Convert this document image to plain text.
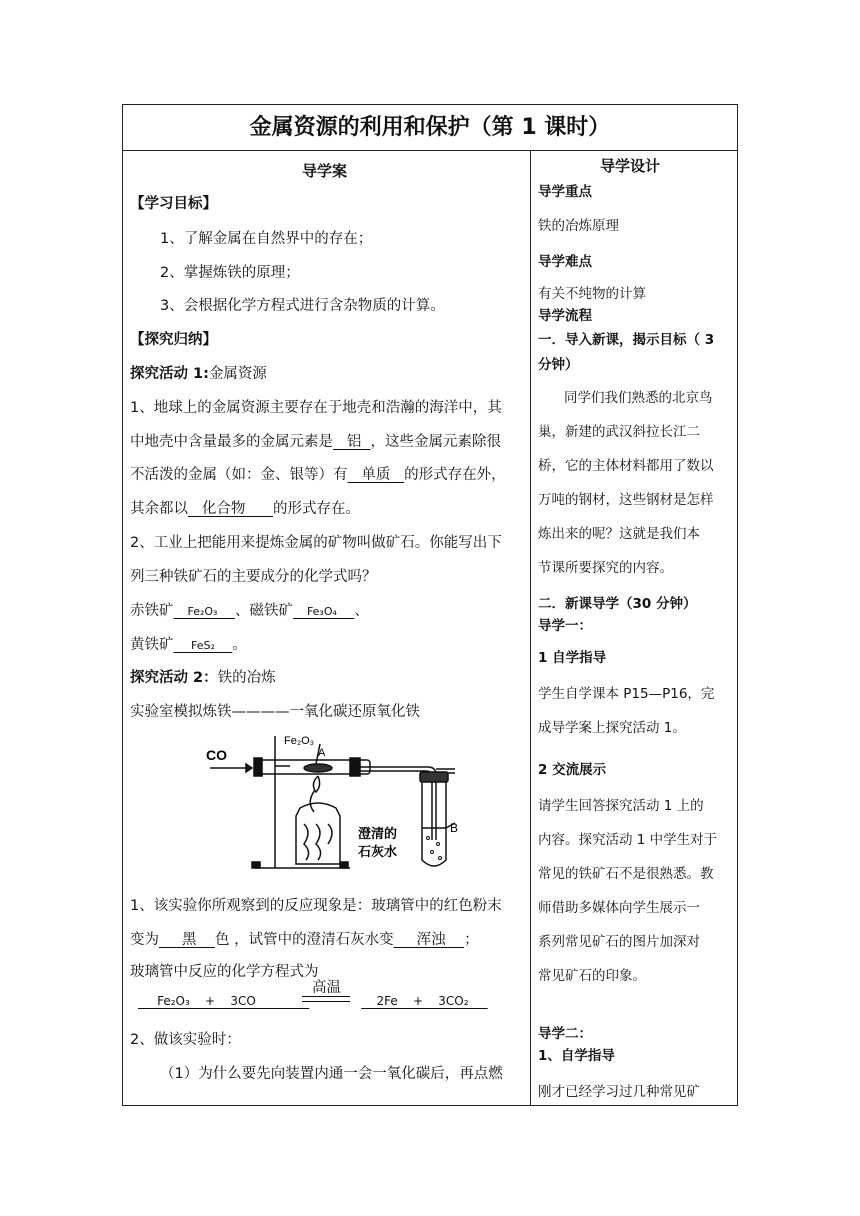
金属资源的利用和保护（第 1 课时）
导学案
【学习目标】
1、了解金属在自然界中的存在；
2、掌握炼铁的原理；
3、会根据化学方程式进行含杂物质的计算。
【探究归纳】
探究活动 1:金属资源
1、地球上的金属资源主要存在于地壳和浩瀚的海洋中，其
中地壳中含量最多的金属元素是   铝  ，这些金属元素除很
不活泼的金属（如：金、银等）有   单质   的形式存在外，
其余都以   化合物      的形式存在。
2、工业上把能用来提炼金属的矿物叫做矿石。你能写出下
列三种铁矿石的主要成分的化学式吗？
赤铁矿    Fe₂O₃     、磁铁矿    Fe₃O₄     、
黄铁矿     FeS₂     。
探究活动 2：铁的冶炼
实验室模拟炼铁————一氧化碳还原氧化铁
CO
Fe₂O₃
A
B
澄清的
石灰水
1、该实验你所观察到的反应现象是：玻璃管中的红色粉末
变为     黑    色 ，试管中的澄清石灰水变     浑浊    ；
玻璃管中反应的化学方程式为
高温
Fe₂O₃    +    3CO	2Fe    +    3CO₂
2、做该实验时：
（1）为什么要先向装置内通一会一氧化碳后，再点燃
导学设计
导学重点
铁的冶炼原理
导学难点
有关不纯物的计算
导学流程
一．导入新课，揭示目标（ 3
分钟）
同学们我们熟悉的北京鸟
巢，新建的武汉斜拉长江二
桥，它的主体材料都用了数以
万吨的钢材，这些钢材是怎样
炼出来的呢？这就是我们本
节课所要探究的内容。
二．新课导学（30 分钟）
导学一：
1 自学指导
学生自学课本 P15—P16，完
成导学案上探究活动 1。
2 交流展示
请学生回答探究活动 1 上的
内容。探究活动 1 中学生对于
常见的铁矿石不是很熟悉。教
师借助多媒体向学生展示一
系列常见矿石的图片加深对
常见矿石的印象。
导学二：
1、自学指导
刚才已经学习过几种常见矿
